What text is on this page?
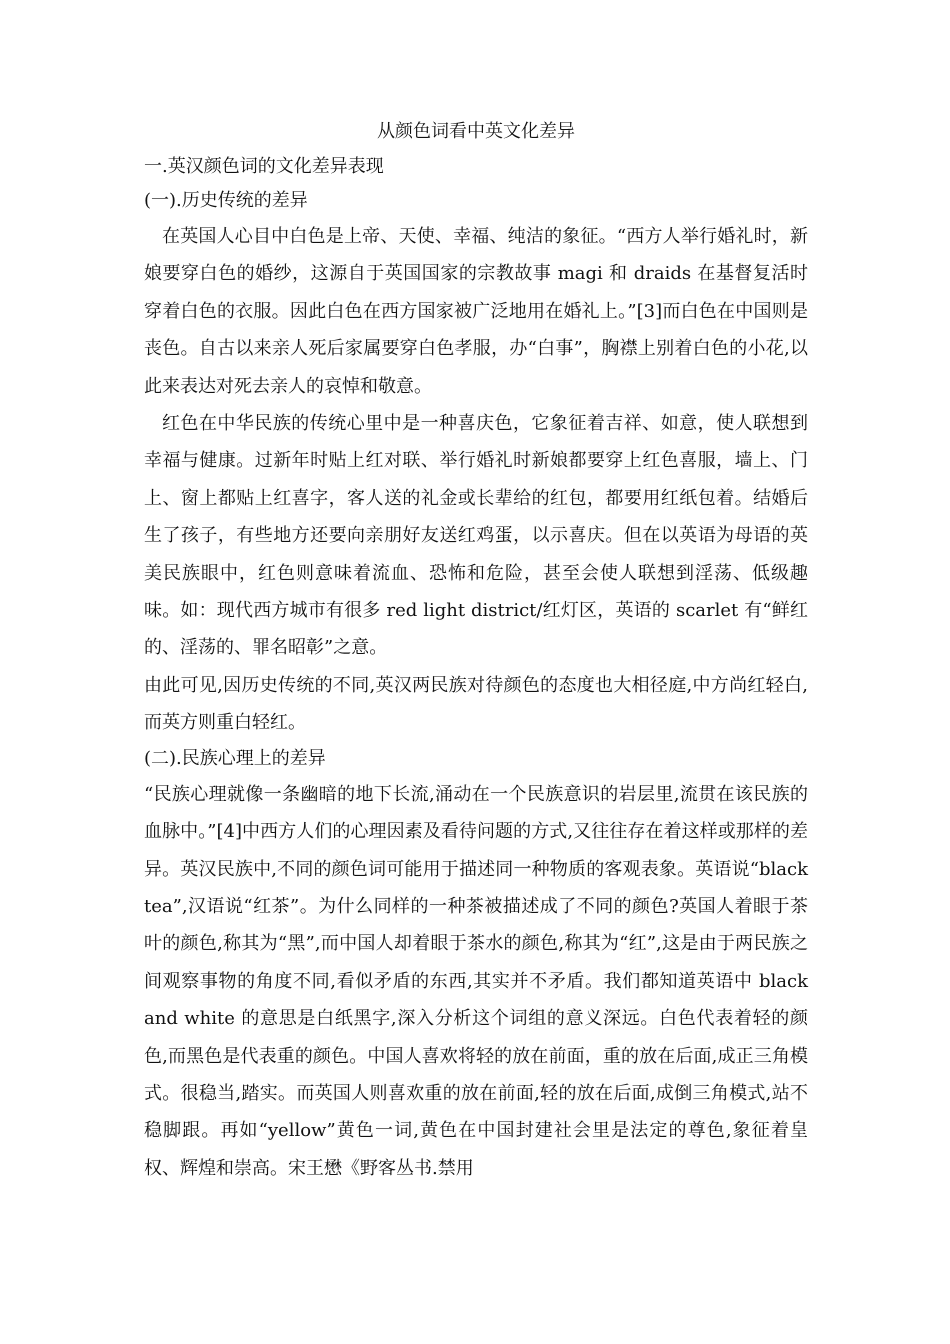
从颜色词看中英文化差异

一.英汉颜色词的文化差异表现

(一).历史传统的差异

在英国人心目中白色是上帝、天使、幸福、纯洁的象征。“西方人举行婚礼时，新娘要穿白色的婚纱，这源自于英国国家的宗教故事 magi 和 draids 在基督复活时穿着白色的衣服。因此白色在西方国家被广泛地用在婚礼上。”[3]而白色在中国则是丧色。自古以来亲人死后家属要穿白色孝服，办“白事”，胸襟上别着白色的小花,以此来表达对死去亲人的哀悼和敬意。

红色在中华民族的传统心里中是一种喜庆色，它象征着吉祥、如意，使人联想到幸福与健康。过新年时贴上红对联、举行婚礼时新娘都要穿上红色喜服，墙上、门上、窗上都贴上红喜字，客人送的礼金或长辈给的红包，都要用红纸包着。结婚后生了孩子，有些地方还要向亲朋好友送红鸡蛋，以示喜庆。但在以英语为母语的英美民族眼中，红色则意味着流血、恐怖和危险，甚至会使人联想到淫荡、低级趣味。如：现代西方城市有很多 red light district/红灯区，英语的 scarlet 有“鲜红的、淫荡的、罪名昭彰”之意。

由此可见,因历史传统的不同,英汉两民族对待颜色的态度也大相径庭,中方尚红轻白,而英方则重白轻红。

(二).民族心理上的差异

“民族心理就像一条幽暗的地下长流,涌动在一个民族意识的岩层里,流贯在该民族的血脉中。”[4]中西方人们的心理因素及看待问题的方式,又往往存在着这样或那样的差异。英汉民族中,不同的颜色词可能用于描述同一种物质的客观表象。英语说“black tea”,汉语说“红茶”。为什么同样的一种茶被描述成了不同的颜色?英国人着眼于茶叶的颜色,称其为“黑”,而中国人却着眼于茶水的颜色,称其为“红”,这是由于两民族之间观察事物的角度不同,看似矛盾的东西,其实并不矛盾。我们都知道英语中 black and white 的意思是白纸黑字,深入分析这个词组的意义深远。白色代表着轻的颜色,而黑色是代表重的颜色。中国人喜欢将轻的放在前面，重的放在后面,成正三角模式。很稳当,踏实。而英国人则喜欢重的放在前面,轻的放在后面,成倒三角模式,站不稳脚跟。再如“yellow”黄色一词,黄色在中国封建社会里是法定的尊色,象征着皇权、辉煌和崇高。宋王懋《野客丛书.禁用
